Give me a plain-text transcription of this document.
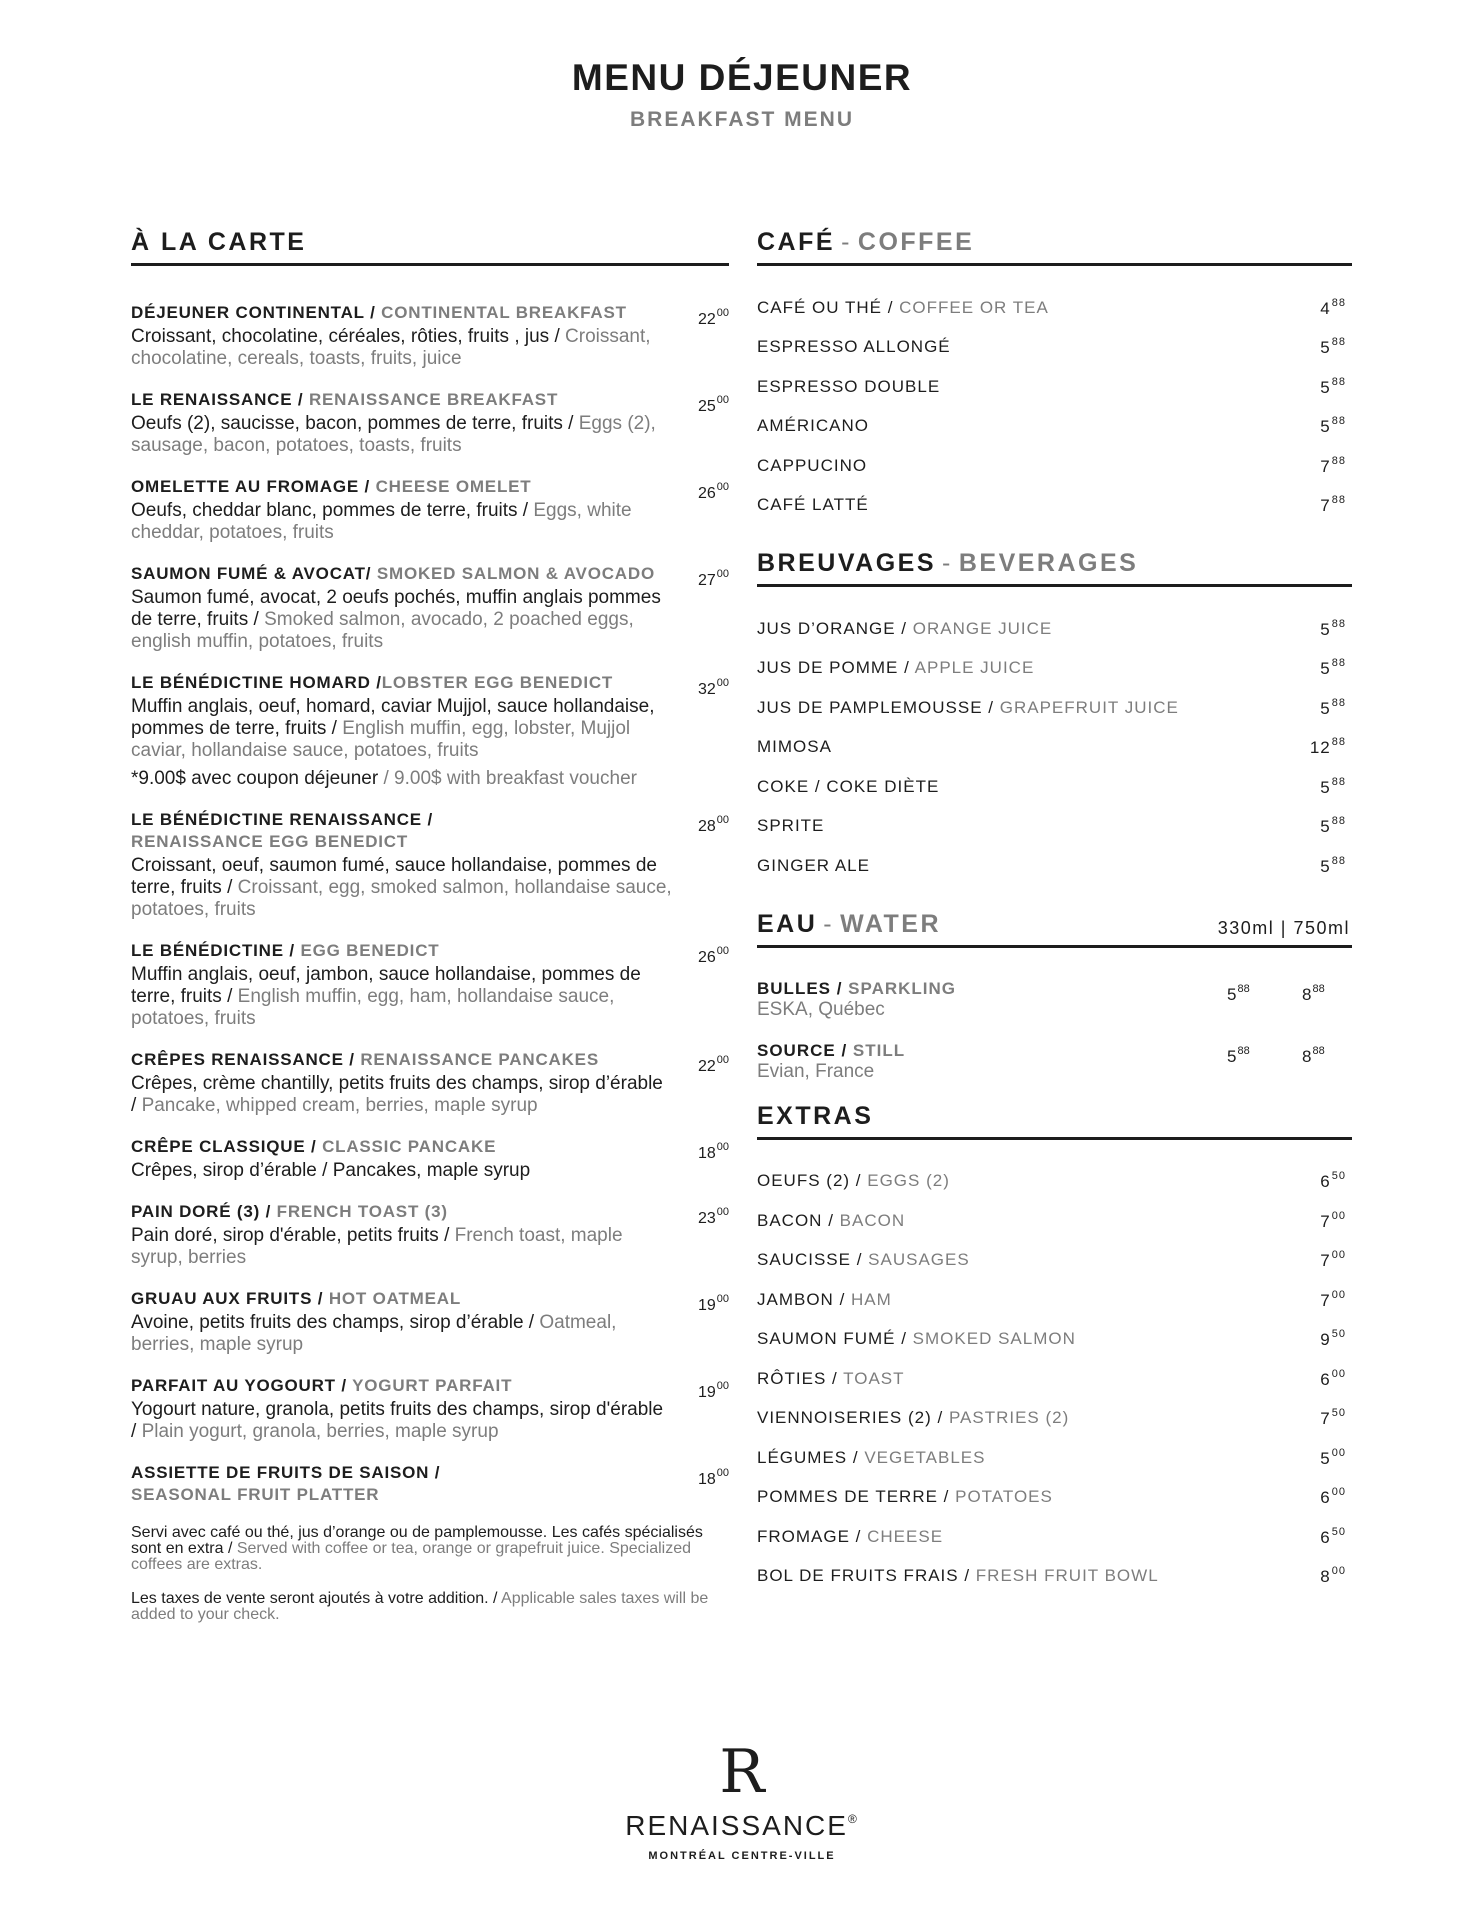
MENU DÉJEUNER
BREAKFAST MENU
À LA CARTE
DÉJEUNER CONTINENTAL / CONTINENTAL BREAKFAST	$22^{00}$
Croissant, chocolatine, céréales, rôties, fruits , jus / Croissant, chocolatine, cereals, toasts, fruits, juice
LE RENAISSANCE / RENAISSANCE BREAKFAST	$25^{00}$
Oeufs (2), saucisse, bacon, pommes de terre, fruits / Eggs (2), sausage, bacon, potatoes, toasts, fruits
OMELETTE AU FROMAGE / CHEESE OMELET	$26^{00}$
Oeufs, cheddar blanc, pommes de terre, fruits / Eggs, white cheddar, potatoes, fruits
SAUMON FUMÉ & AVOCAT/ SMOKED SALMON & AVOCADO	$27^{00}$
Saumon fumé, avocat, 2 oeufs pochés, muffin anglais pommes de terre, fruits / Smoked salmon, avocado, 2 poached eggs, english muffin, potatoes, fruits
LE BÉNÉDICTINE HOMARD /LOBSTER EGG BENEDICT	$32^{00}$
Muffin anglais, oeuf, homard, caviar Mujjol, sauce hollandaise, pommes de terre, fruits / English muffin, egg, lobster, Mujjol caviar, hollandaise sauce, potatoes, fruits
*9.00$ avec coupon déjeuner / 9.00$ with breakfast voucher
LE BÉNÉDICTINE RENAISSANCE /
RENAISSANCE EGG BENEDICT
$28^{00}$
Croissant, oeuf, saumon fumé, sauce hollandaise, pommes de terre, fruits / Croissant, egg, smoked salmon, hollandaise sauce, potatoes, fruits
LE BÉNÉDICTINE / EGG BENEDICT	$26^{00}$
Muffin anglais, oeuf, jambon, sauce hollandaise, pommes de terre, fruits / English muffin, egg, ham, hollandaise sauce, potatoes, fruits
CRÊPES RENAISSANCE / RENAISSANCE PANCAKES	$22^{00}$
Crêpes, crème chantilly, petits fruits des champs, sirop d’érable / Pancake, whipped cream, berries, maple syrup
CRÊPE CLASSIQUE / CLASSIC PANCAKE	$18^{00}$
Crêpes, sirop d’érable / Pancakes, maple syrup
PAIN DORÉ (3) / FRENCH TOAST (3)	$23^{00}$
Pain doré, sirop d'érable, petits fruits / French toast, maple syrup, berries
GRUAU AUX FRUITS / HOT OATMEAL	$19^{00}$
Avoine, petits fruits des champs, sirop d’érable / Oatmeal, berries, maple syrup
PARFAIT AU YOGOURT / YOGURT PARFAIT	$19^{00}$
Yogourt nature, granola, petits fruits des champs, sirop d'érable / Plain yogurt, granola, berries, maple syrup
ASSIETTE DE FRUITS DE SAISON /
SEASONAL FRUIT PLATTER
$18^{00}$
Servi avec café ou thé, jus d’orange ou de pamplemousse. Les cafés spécialisés sont en extra / Served with coffee or tea, orange or grapefruit juice. Specialized coffees are extras.
Les taxes de vente seront ajoutés à votre addition. / Applicable sales taxes will be added to your check.
CAFÉ - COFFEE
CAFÉ OU THÉ / COFFEE OR TEA	$4^{88}$
ESPRESSO ALLONGÉ	$5^{88}$
ESPRESSO DOUBLE	$5^{88}$
AMÉRICANO	$5^{88}$
CAPPUCINO	$7^{88}$
CAFÉ LATTÉ	$7^{88}$
BREUVAGES - BEVERAGES
JUS D’ORANGE / ORANGE JUICE	$5^{88}$
JUS DE POMME / APPLE JUICE	$5^{88}$
JUS DE PAMPLEMOUSSE / GRAPEFRUIT JUICE	$5^{88}$
MIMOSA	$12^{88}$
COKE / COKE DIÈTE	$5^{88}$
SPRITE	$5^{88}$
GINGER ALE	$5^{88}$
EAU - WATER	330ml | 750ml
BULLES / SPARKLING
ESKA, Québec
$5^{88}$	$8^{88}$
SOURCE / STILL
Evian, France
$5^{88}$	$8^{88}$
EXTRAS
OEUFS (2) / EGGS (2)	$6^{50}$
BACON / BACON	$7^{00}$
SAUCISSE / SAUSAGES	$7^{00}$
JAMBON / HAM	$7^{00}$
SAUMON FUMÉ / SMOKED SALMON	$9^{50}$
RÔTIES / TOAST	$6^{00}$
VIENNOISERIES (2) / PASTRIES (2)	$7^{50}$
LÉGUMES / VEGETABLES	$5^{00}$
POMMES DE TERRE / POTATOES	$6^{00}$
FROMAGE / CHEESE	$6^{50}$
BOL DE FRUITS FRAIS / FRESH FRUIT BOWL	$8^{00}$
R
RENAISSANCE®
MONTRÉAL CENTRE-VILLE
